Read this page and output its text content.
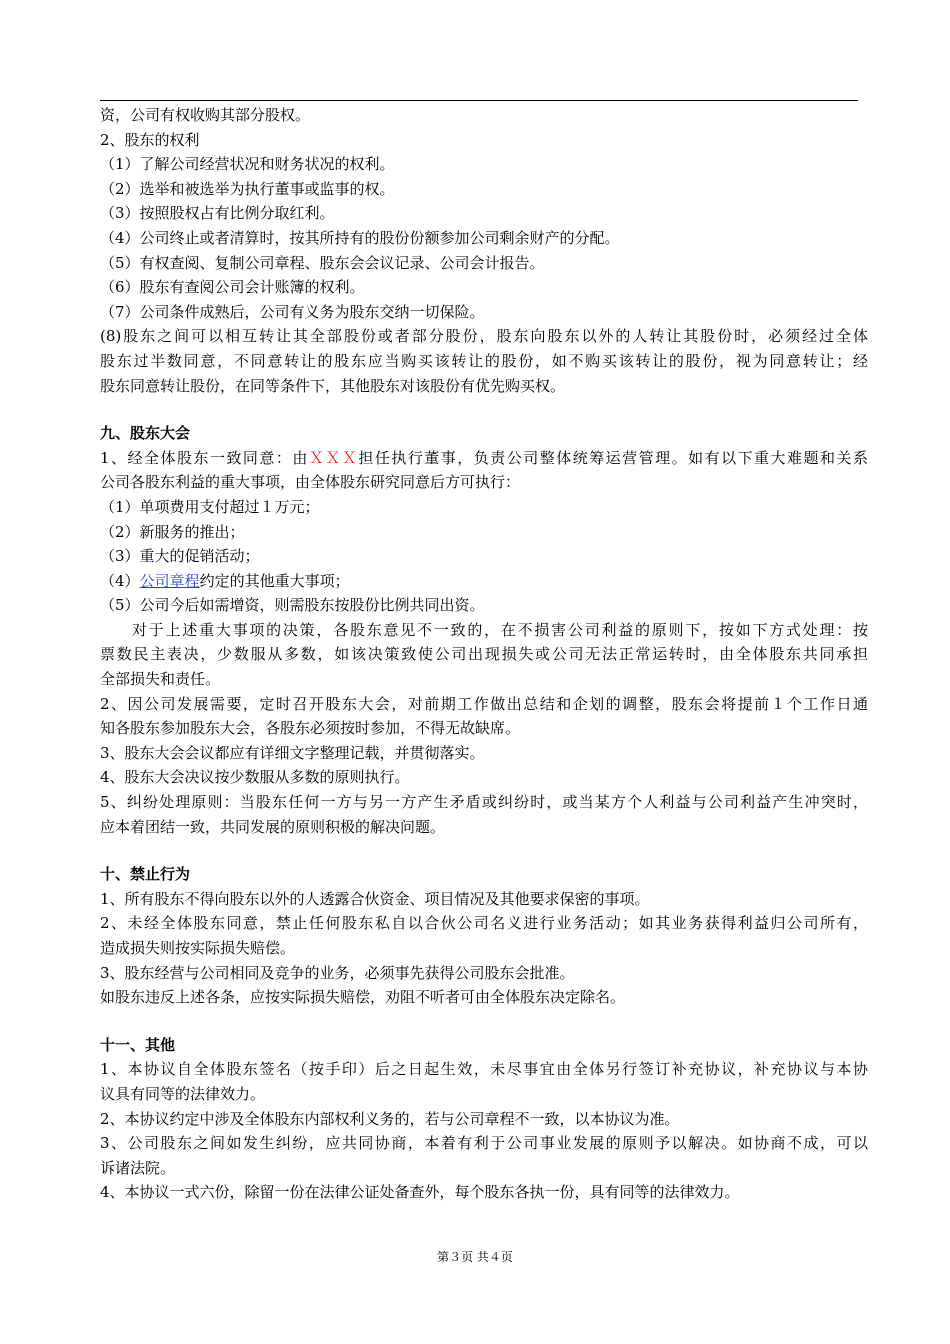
资，公司有权收购其部分股权。
2、股东的权利
（1）了解公司经营状况和财务状况的权利。
（2）选举和被选举为执行董事或监事的权。
（3）按照股权占有比例分取红利。
（4）公司终止或者清算时，按其所持有的股份份额参加公司剩余财产的分配。
（5）有权查阅、复制公司章程、股东会会议记录、公司会计报告。
（6）股东有查阅公司会计账簿的权利。
（7）公司条件成熟后，公司有义务为股东交纳一切保险。
(8)股东之间可以相互转让其全部股份或者部分股份，股东向股东以外的人转让其股份时，必须经过全体
股东过半数同意，不同意转让的股东应当购买该转让的股份，如不购买该转让的股份，视为同意转让；经
股东同意转让股份，在同等条件下，其他股东对该股份有优先购买权。
九、股东大会
1、经全体股东一致同意：由ＸＸＸ担任执行董事，负责公司整体统筹运营管理。如有以下重大难题和关系
公司各股东利益的重大事项，由全体股东研究同意后方可执行：
（1）单项费用支付超过１万元；
（2）新服务的推出；
（3）重大的促销活动；
（4）公司章程约定的其他重大事项；
（5）公司今后如需增资，则需股东按股份比例共同出资。
对于上述重大事项的决策，各股东意见不一致的，在不损害公司利益的原则下，按如下方式处理：按
票数民主表决，少数服从多数，如该决策致使公司出现损失或公司无法正常运转时，由全体股东共同承担
全部损失和责任。
2、因公司发展需要，定时召开股东大会，对前期工作做出总结和企划的调整，股东会将提前１个工作日通
知各股东参加股东大会，各股东必须按时参加，不得无故缺席。
3、股东大会会议都应有详细文字整理记载，并贯彻落实。
4、股东大会决议按少数服从多数的原则执行。
5、纠纷处理原则：当股东任何一方与另一方产生矛盾或纠纷时，或当某方个人利益与公司利益产生冲突时，
应本着团结一致，共同发展的原则积极的解决问题。
十、禁止行为
1、所有股东不得向股东以外的人透露合伙资金、项目情况及其他要求保密的事项。
2、未经全体股东同意，禁止任何股东私自以合伙公司名义进行业务活动；如其业务获得利益归公司所有，
造成损失则按实际损失赔偿。
3、股东经营与公司相同及竞争的业务，必须事先获得公司股东会批准。
如股东违反上述各条，应按实际损失赔偿，劝阻不听者可由全体股东决定除名。
十一、其他
1、本协议自全体股东签名（按手印）后之日起生效，未尽事宜由全体另行签订补充协议，补充协议与本协
议具有同等的法律效力。
2、本协议约定中涉及全体股东内部权利义务的，若与公司章程不一致，以本协议为准。
3、公司股东之间如发生纠纷，应共同协商，本着有利于公司事业发展的原则予以解决。如协商不成，可以
诉诸法院。
4、本协议一式六份，除留一份在法律公证处备查外，每个股东各执一份，具有同等的法律效力。
第３页 共４页
